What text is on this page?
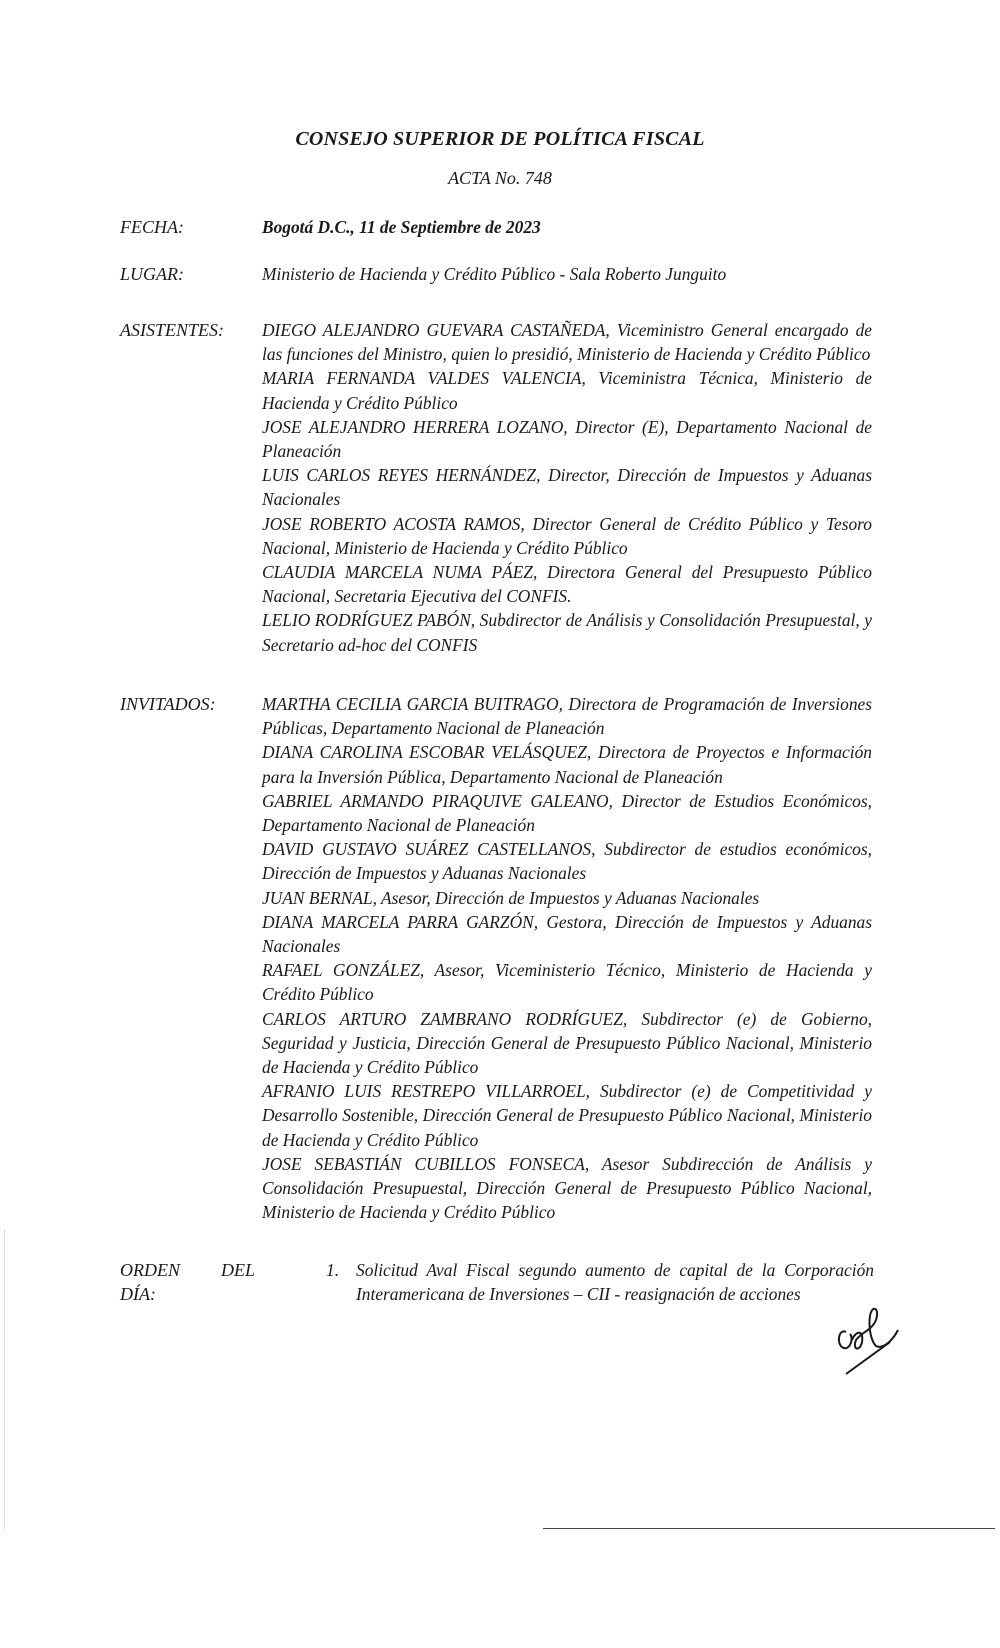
CONSEJO SUPERIOR DE POLÍTICA FISCAL
ACTA No. 748
FECHA:	Bogotá D.C., 11 de Septiembre de 2023
LUGAR:	Ministerio de Hacienda y Crédito Público - Sala Roberto Junguito
ASISTENTES:	DIEGO ALEJANDRO GUEVARA CASTAÑEDA, Viceministro General encargado de las funciones del Ministro, quien lo presidió, Ministerio de Hacienda y Crédito Público

MARIA FERNANDA VALDES VALENCIA, Viceministra Técnica, Ministerio de Hacienda y Crédito Público

JOSE ALEJANDRO HERRERA LOZANO, Director (E), Departamento Nacional de Planeación

LUIS CARLOS REYES HERNÁNDEZ, Director, Dirección de Impuestos y Aduanas Nacionales

JOSE ROBERTO ACOSTA RAMOS, Director General de Crédito Público y Tesoro Nacional, Ministerio de Hacienda y Crédito Público

CLAUDIA MARCELA NUMA PÁEZ, Directora General del Presupuesto Público Nacional, Secretaria Ejecutiva del CONFIS.

LELIO RODRÍGUEZ PABÓN, Subdirector de Análisis y Consolidación Presupuestal, y Secretario ad-hoc del CONFIS

INVITADOS:	MARTHA CECILIA GARCIA BUITRAGO, Directora de Programación de Inversiones Públicas, Departamento Nacional de Planeación

DIANA CAROLINA ESCOBAR VELÁSQUEZ, Directora de Proyectos e Información para la Inversión Pública, Departamento Nacional de Planeación

GABRIEL ARMANDO PIRAQUIVE GALEANO, Director de Estudios Económicos, Departamento Nacional de Planeación

DAVID GUSTAVO SUÁREZ CASTELLANOS, Subdirector de estudios económicos, Dirección de Impuestos y Aduanas Nacionales

JUAN BERNAL, Asesor, Dirección de Impuestos y Aduanas Nacionales

DIANA MARCELA PARRA GARZÓN, Gestora, Dirección de Impuestos y Aduanas Nacionales

RAFAEL GONZÁLEZ, Asesor, Viceministerio Técnico, Ministerio de Hacienda y Crédito Público

CARLOS ARTURO ZAMBRANO RODRÍGUEZ, Subdirector (e) de Gobierno, Seguridad y Justicia, Dirección General de Presupuesto Público Nacional, Ministerio de Hacienda y Crédito Público

AFRANIO LUIS RESTREPO VILLARROEL, Subdirector (e) de Competitividad y Desarrollo Sostenible, Dirección General de Presupuesto Público Nacional, Ministerio de Hacienda y Crédito Público

JOSE SEBASTIÁN CUBILLOS FONSECA, Asesor Subdirección de Análisis y Consolidación Presupuestal, Dirección General de Presupuesto Público Nacional, Ministerio de Hacienda y Crédito Público

ORDEN DEL DÍA:
1. Solicitud Aval Fiscal segundo aumento de capital de la Corporación Interamericana de Inversiones – CII - reasignación de acciones
